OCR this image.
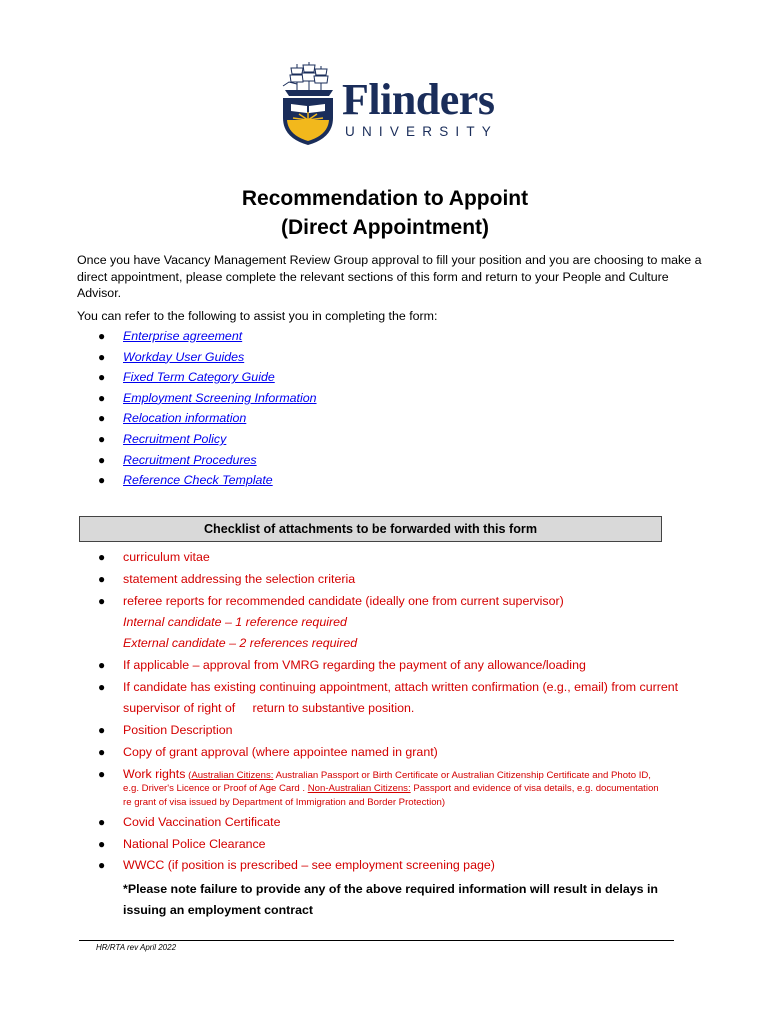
Flinders
UNIVERSITY
Recommendation to Appoint
(Direct Appointment)
Once you have Vacancy Management Review Group approval to fill your position and you are choosing to make a direct appointment, please complete the relevant sections of this form and return to your People and Culture Advisor.
You can refer to the following to assist you in completing the form:
● Enterprise agreement
● Workday User Guides
● Fixed Term Category Guide
● Employment Screening Information
● Relocation information
● Recruitment Policy
● Recruitment Procedures
● Reference Check Template
Checklist of attachments to be forwarded with this form
● curriculum vitae
● statement addressing the selection criteria
● referee reports for recommended candidate (ideally one from current supervisor)
Internal candidate – 1 reference required
External candidate – 2 references required
● If applicable – approval from VMRG regarding the payment of any allowance/loading
● If candidate has existing continuing appointment, attach written confirmation (e.g., email) from current
supervisor of right of     return to substantive position.
● Position Description
● Copy of grant approval (where appointee named in grant)
● Work rights (Australian Citizens: Australian Passport or Birth Certificate or Australian Citizenship Certificate and Photo ID,
e.g. Driver's Licence or Proof of Age Card . Non-Australian Citizens: Passport and evidence of visa details, e.g. documentation
re grant of visa issued by Department of Immigration and Border Protection)
● Covid Vaccination Certificate
● National Police Clearance
● WWCC (if position is prescribed – see employment screening page)
*Please note failure to provide any of the above required information will result in delays in
issuing an employment contract
HR/RTA rev April 2022
